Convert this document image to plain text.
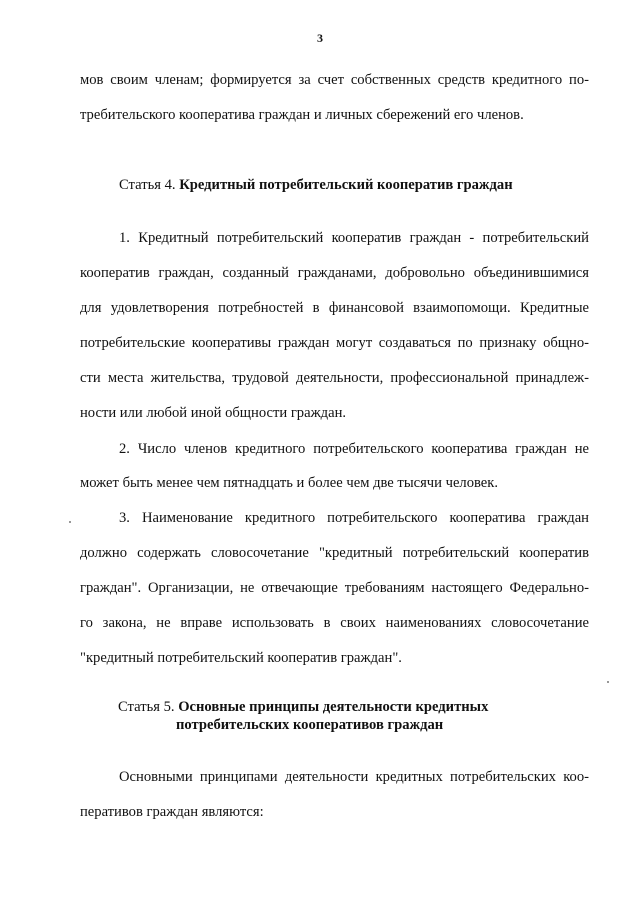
3
мов своим членам; формируется за счет собственных средств кредитного по-
требительского кооператива граждан и личных сбережений его членов.
Статья 4. Кредитный потребительский кооператив граждан
1. Кредитный потребительский кооператив граждан - потребительский
кооператив граждан, созданный гражданами, добровольно объединившимися
для удовлетворения потребностей в финансовой взаимопомощи. Кредитные
потребительские кооперативы граждан могут создаваться по признаку общно-
сти места жительства, трудовой деятельности, профессиональной принадлеж-
ности или любой иной общности граждан.
2. Число членов кредитного потребительского кооператива граждан не
может быть менее чем пятнадцать и более чем две тысячи человек.
3. Наименование кредитного потребительского кооператива граждан
должно содержать словосочетание "кредитный потребительский кооператив
граждан". Организации, не отвечающие требованиям настоящего Федерально-
го закона, не вправе использовать в своих наименованиях словосочетание
"кредитный потребительский кооператив граждан".
Статья 5. Основные принципы деятельности кредитных
потребительских кооперативов граждан
Основными принципами деятельности кредитных потребительских коо-
перативов граждан являются:
